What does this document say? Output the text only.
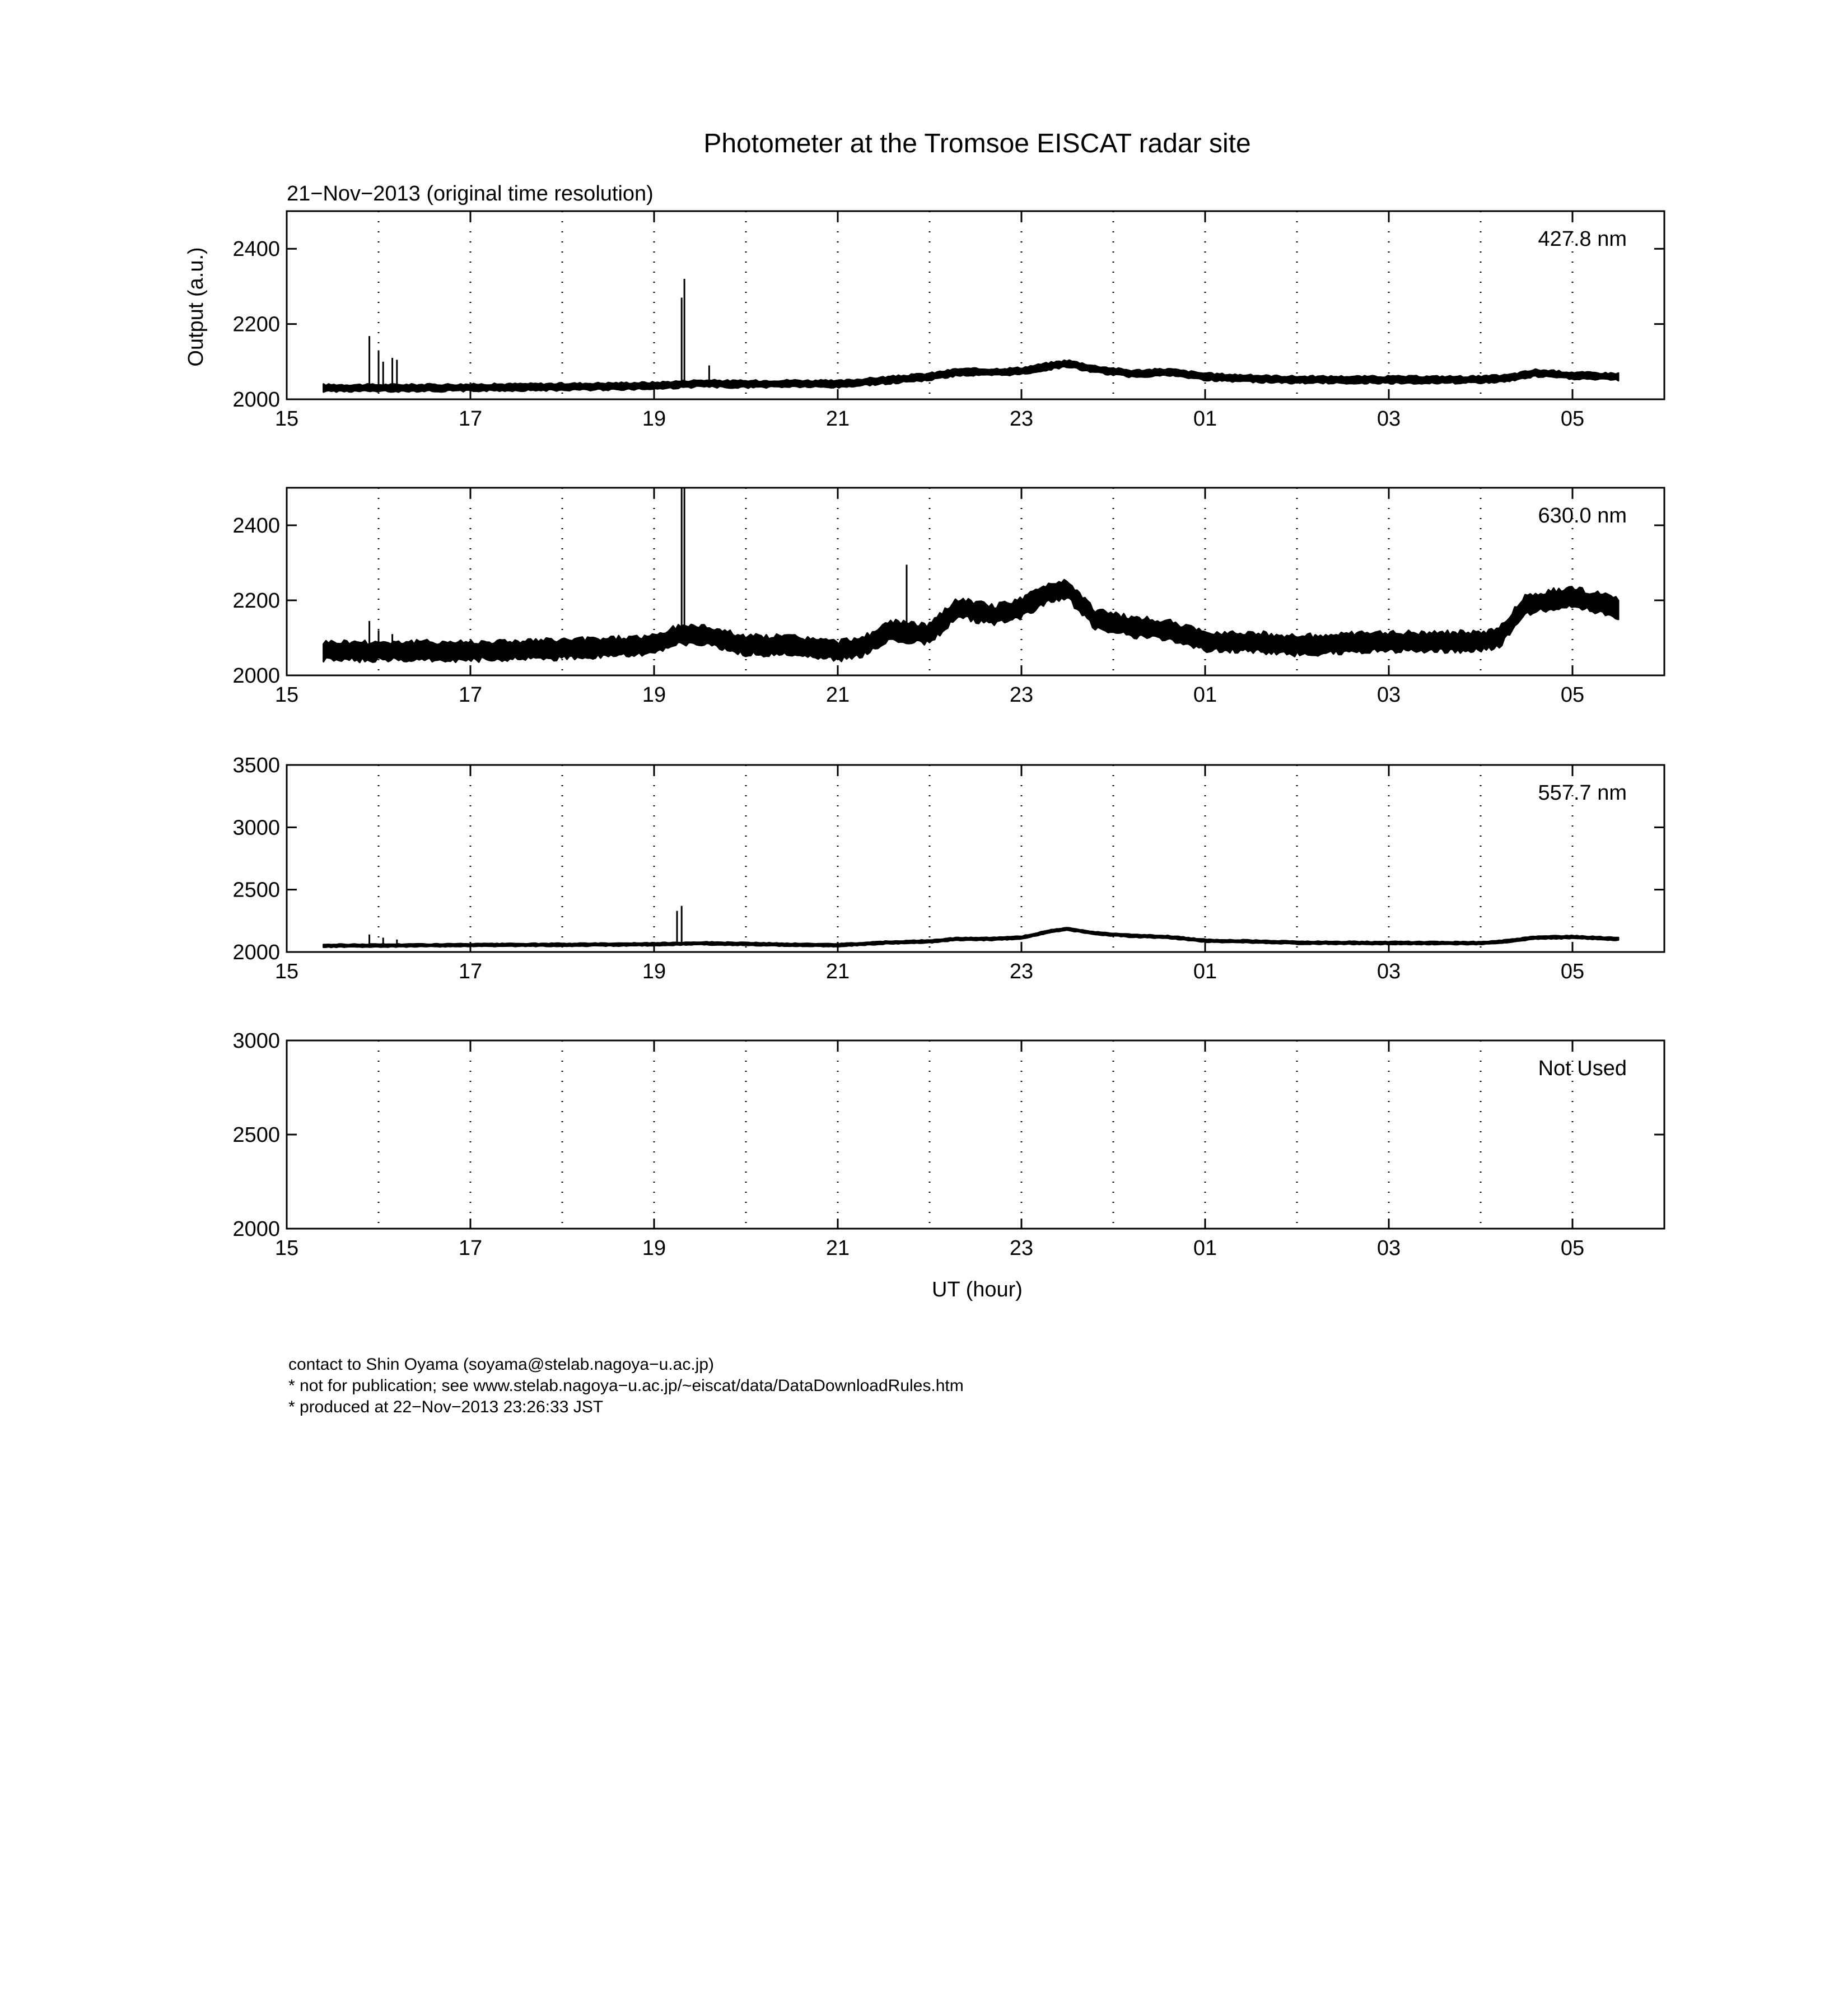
Photometer at the Tromsoe EISCAT radar site
21−Nov−2013 (original time resolution)
Output (a.u.)
UT (hour)
15	17	19	21	23	01	03	05
2000
2200
2400	427.8 nm
15	17	19	21	23	01	03	05
2000
2200
2400	630.0 nm
15	17	19	21	23	01	03	05
2000
2500
3000
3500
557.7 nm
15	17	19	21	23	01	03	05
2000
2500
3000
Not Used
contact to Shin Oyama (soyama@stelab.nagoya−u.ac.jp)
* not for publication; see www.stelab.nagoya−u.ac.jp/~eiscat/data/DataDownloadRules.htm
* produced at 22−Nov−2013 23:26:33 JST
